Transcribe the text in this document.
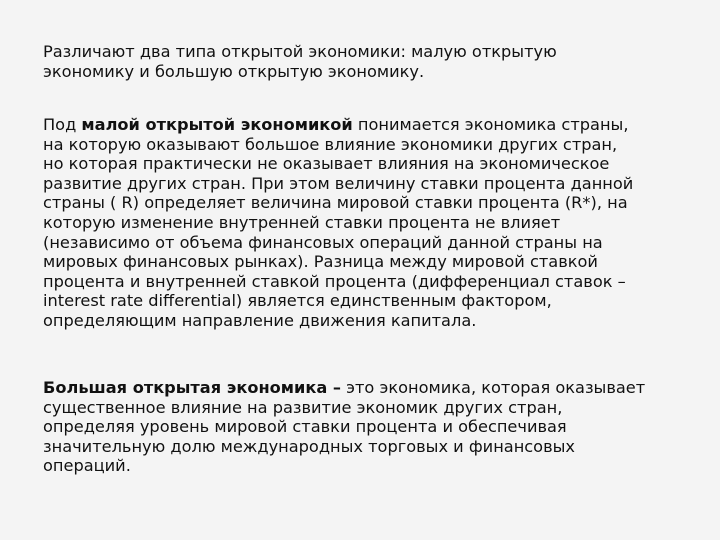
Различают два типа открытой экономики: малую открытую
экономику и большую открытую экономику.
Под малой открытой экономикой понимается экономика страны,
на которую оказывают большое влияние экономики других стран,
но которая практически не оказывает влияния на экономическое
развитие других стран. При этом величину ставки процента данной
страны ( R) определяет величина мировой ставки процента (R*), на
которую изменение внутренней ставки процента не влияет
(независимо от объема финансовых операций данной страны на
мировых финансовых рынках). Разница между мировой ставкой
процента и внутренней ставкой процента (дифференциал ставок –
interest rate differential) является единственным фактором,
определяющим направление движения капитала.
Большая открытая экономика – это экономика, которая оказывает
существенное влияние на развитие экономик других стран,
определяя уровень мировой ставки процента и обеспечивая
значительную долю международных торговых и финансовых
операций.
